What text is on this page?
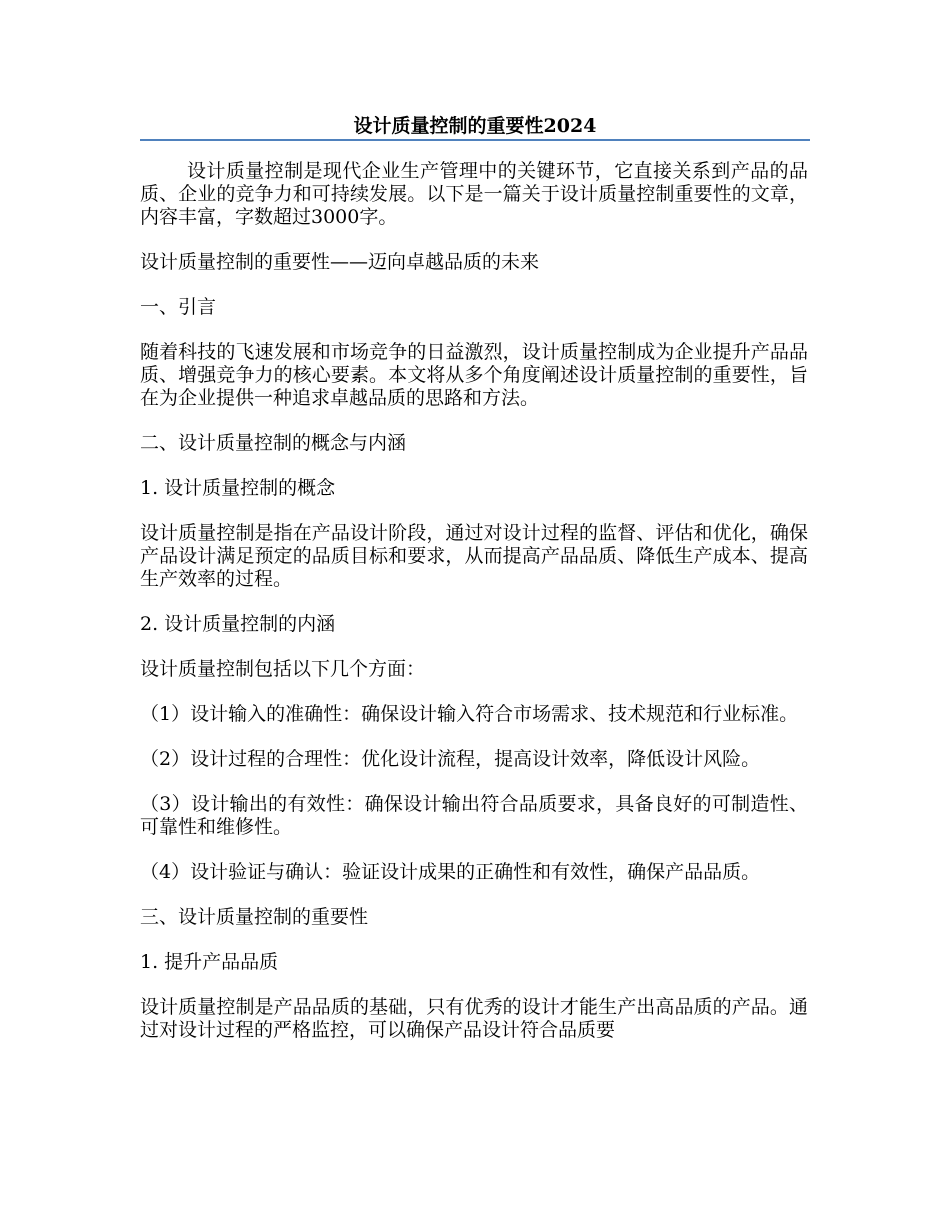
设计质量控制的重要性2024

设计质量控制是现代企业生产管理中的关键环节，它直接关系到产品的品质、企业的竞争力和可持续发展。以下是一篇关于设计质量控制重要性的文章，内容丰富，字数超过3000字。

设计质量控制的重要性——迈向卓越品质的未来

一、引言

随着科技的飞速发展和市场竞争的日益激烈，设计质量控制成为企业提升产品品质、增强竞争力的核心要素。本文将从多个角度阐述设计质量控制的重要性，旨在为企业提供一种追求卓越品质的思路和方法。

二、设计质量控制的概念与内涵

1. 设计质量控制的概念

设计质量控制是指在产品设计阶段，通过对设计过程的监督、评估和优化，确保产品设计满足预定的品质目标和要求，从而提高产品品质、降低生产成本、提高生产效率的过程。

2. 设计质量控制的内涵

设计质量控制包括以下几个方面：

（1）设计输入的准确性：确保设计输入符合市场需求、技术规范和行业标准。

（2）设计过程的合理性：优化设计流程，提高设计效率，降低设计风险。

（3）设计输出的有效性：确保设计输出符合品质要求，具备良好的可制造性、可靠性和维修性。

（4）设计验证与确认：验证设计成果的正确性和有效性，确保产品品质。

三、设计质量控制的重要性

1. 提升产品品质

设计质量控制是产品品质的基础，只有优秀的设计才能生产出高品质的产品。通过对设计过程的严格监控，可以确保产品设计符合品质要
